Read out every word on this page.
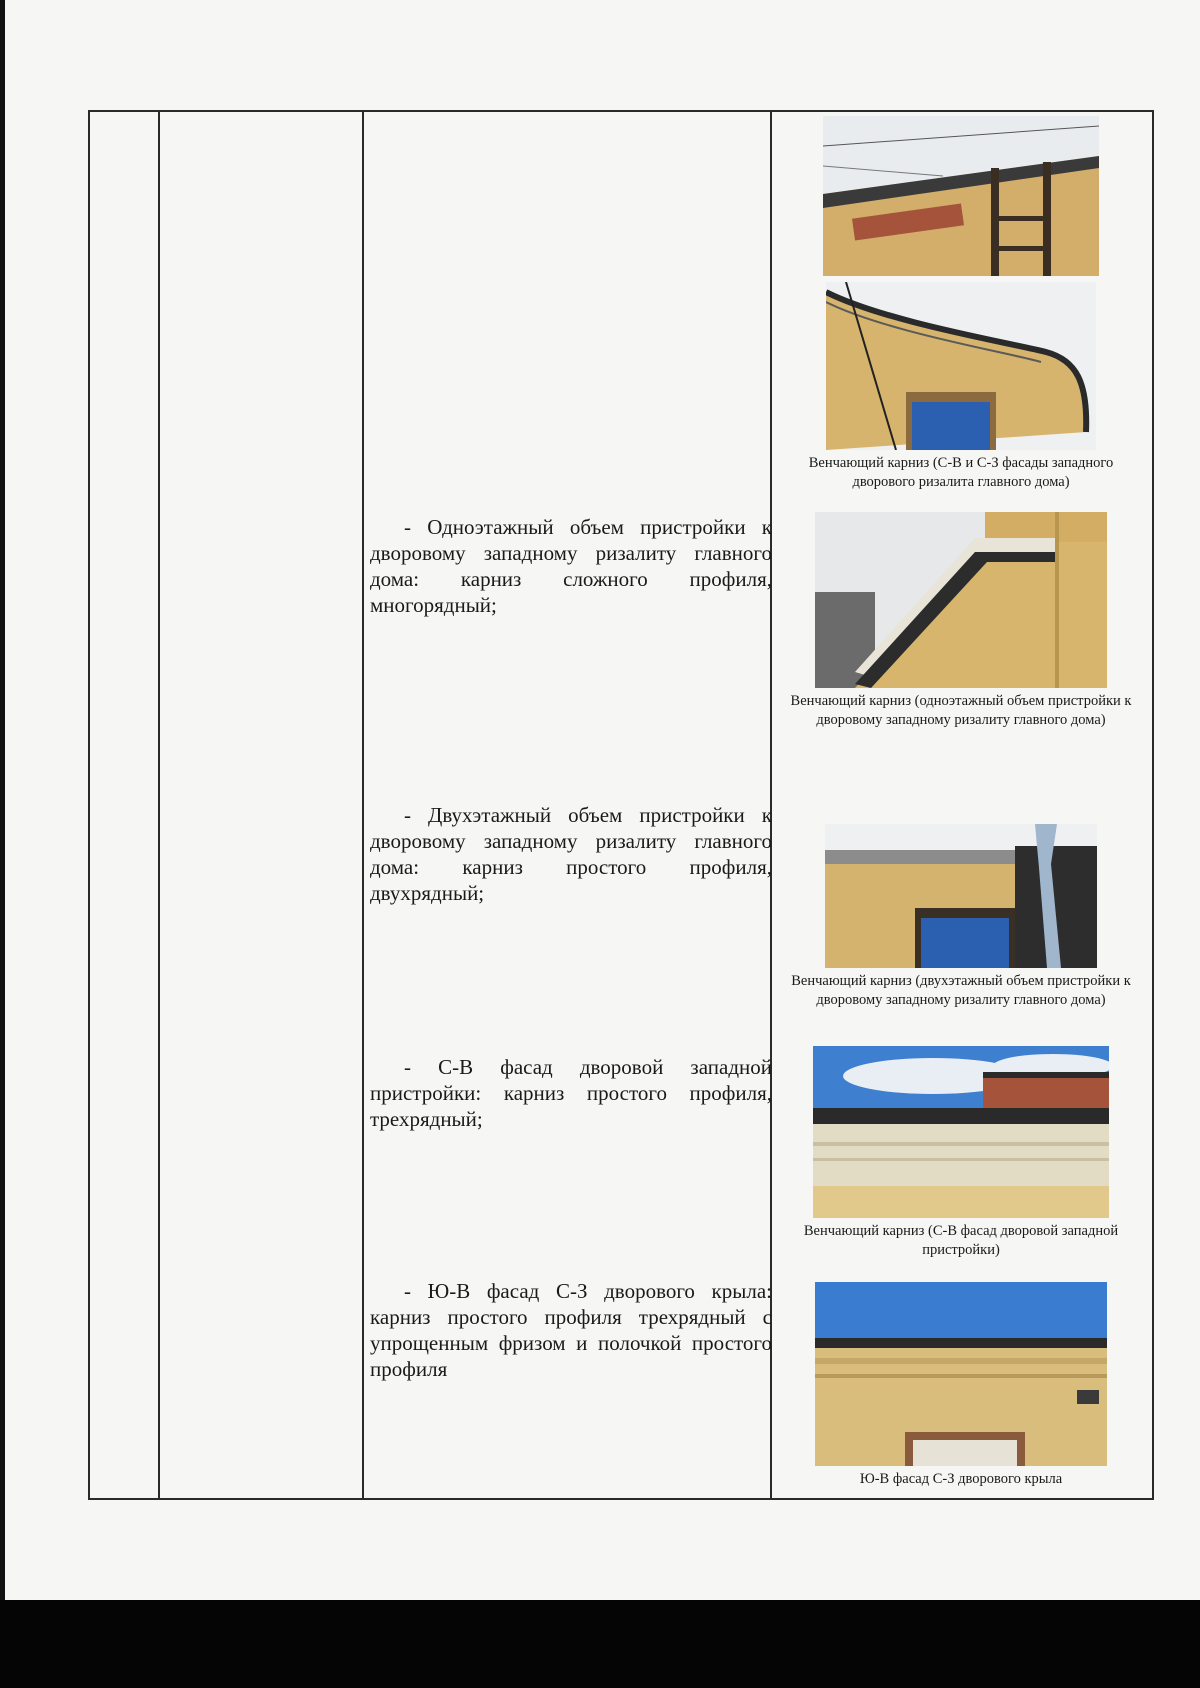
Венчающий карниз (С-В и С-З фасады западного дворового ризалита главного дома)

- Одноэтажный объем пристройки к дворовому западному ризалиту главного дома: карниз сложного профиля, многорядный;

Венчающий карниз (одноэтажный объем пристройки к дворовому западному ризалиту главного дома)

- Двухэтажный объем пристройки к дворовому западному ризалиту главного дома: карниз простого профиля, двухрядный;

Венчающий карниз (двухэтажный объем пристройки к дворовому западному ризалиту главного дома)

- С-В фасад дворовой западной пристройки: карниз простого профиля, трехрядный;

Венчающий карниз (С-В фасад дворовой западной пристройки)

- Ю-В фасад С-З дворового крыла: карниз простого профиля трехрядный с упрощенным фризом и полочкой простого профиля

Ю-В фасад С-З дворового крыла
